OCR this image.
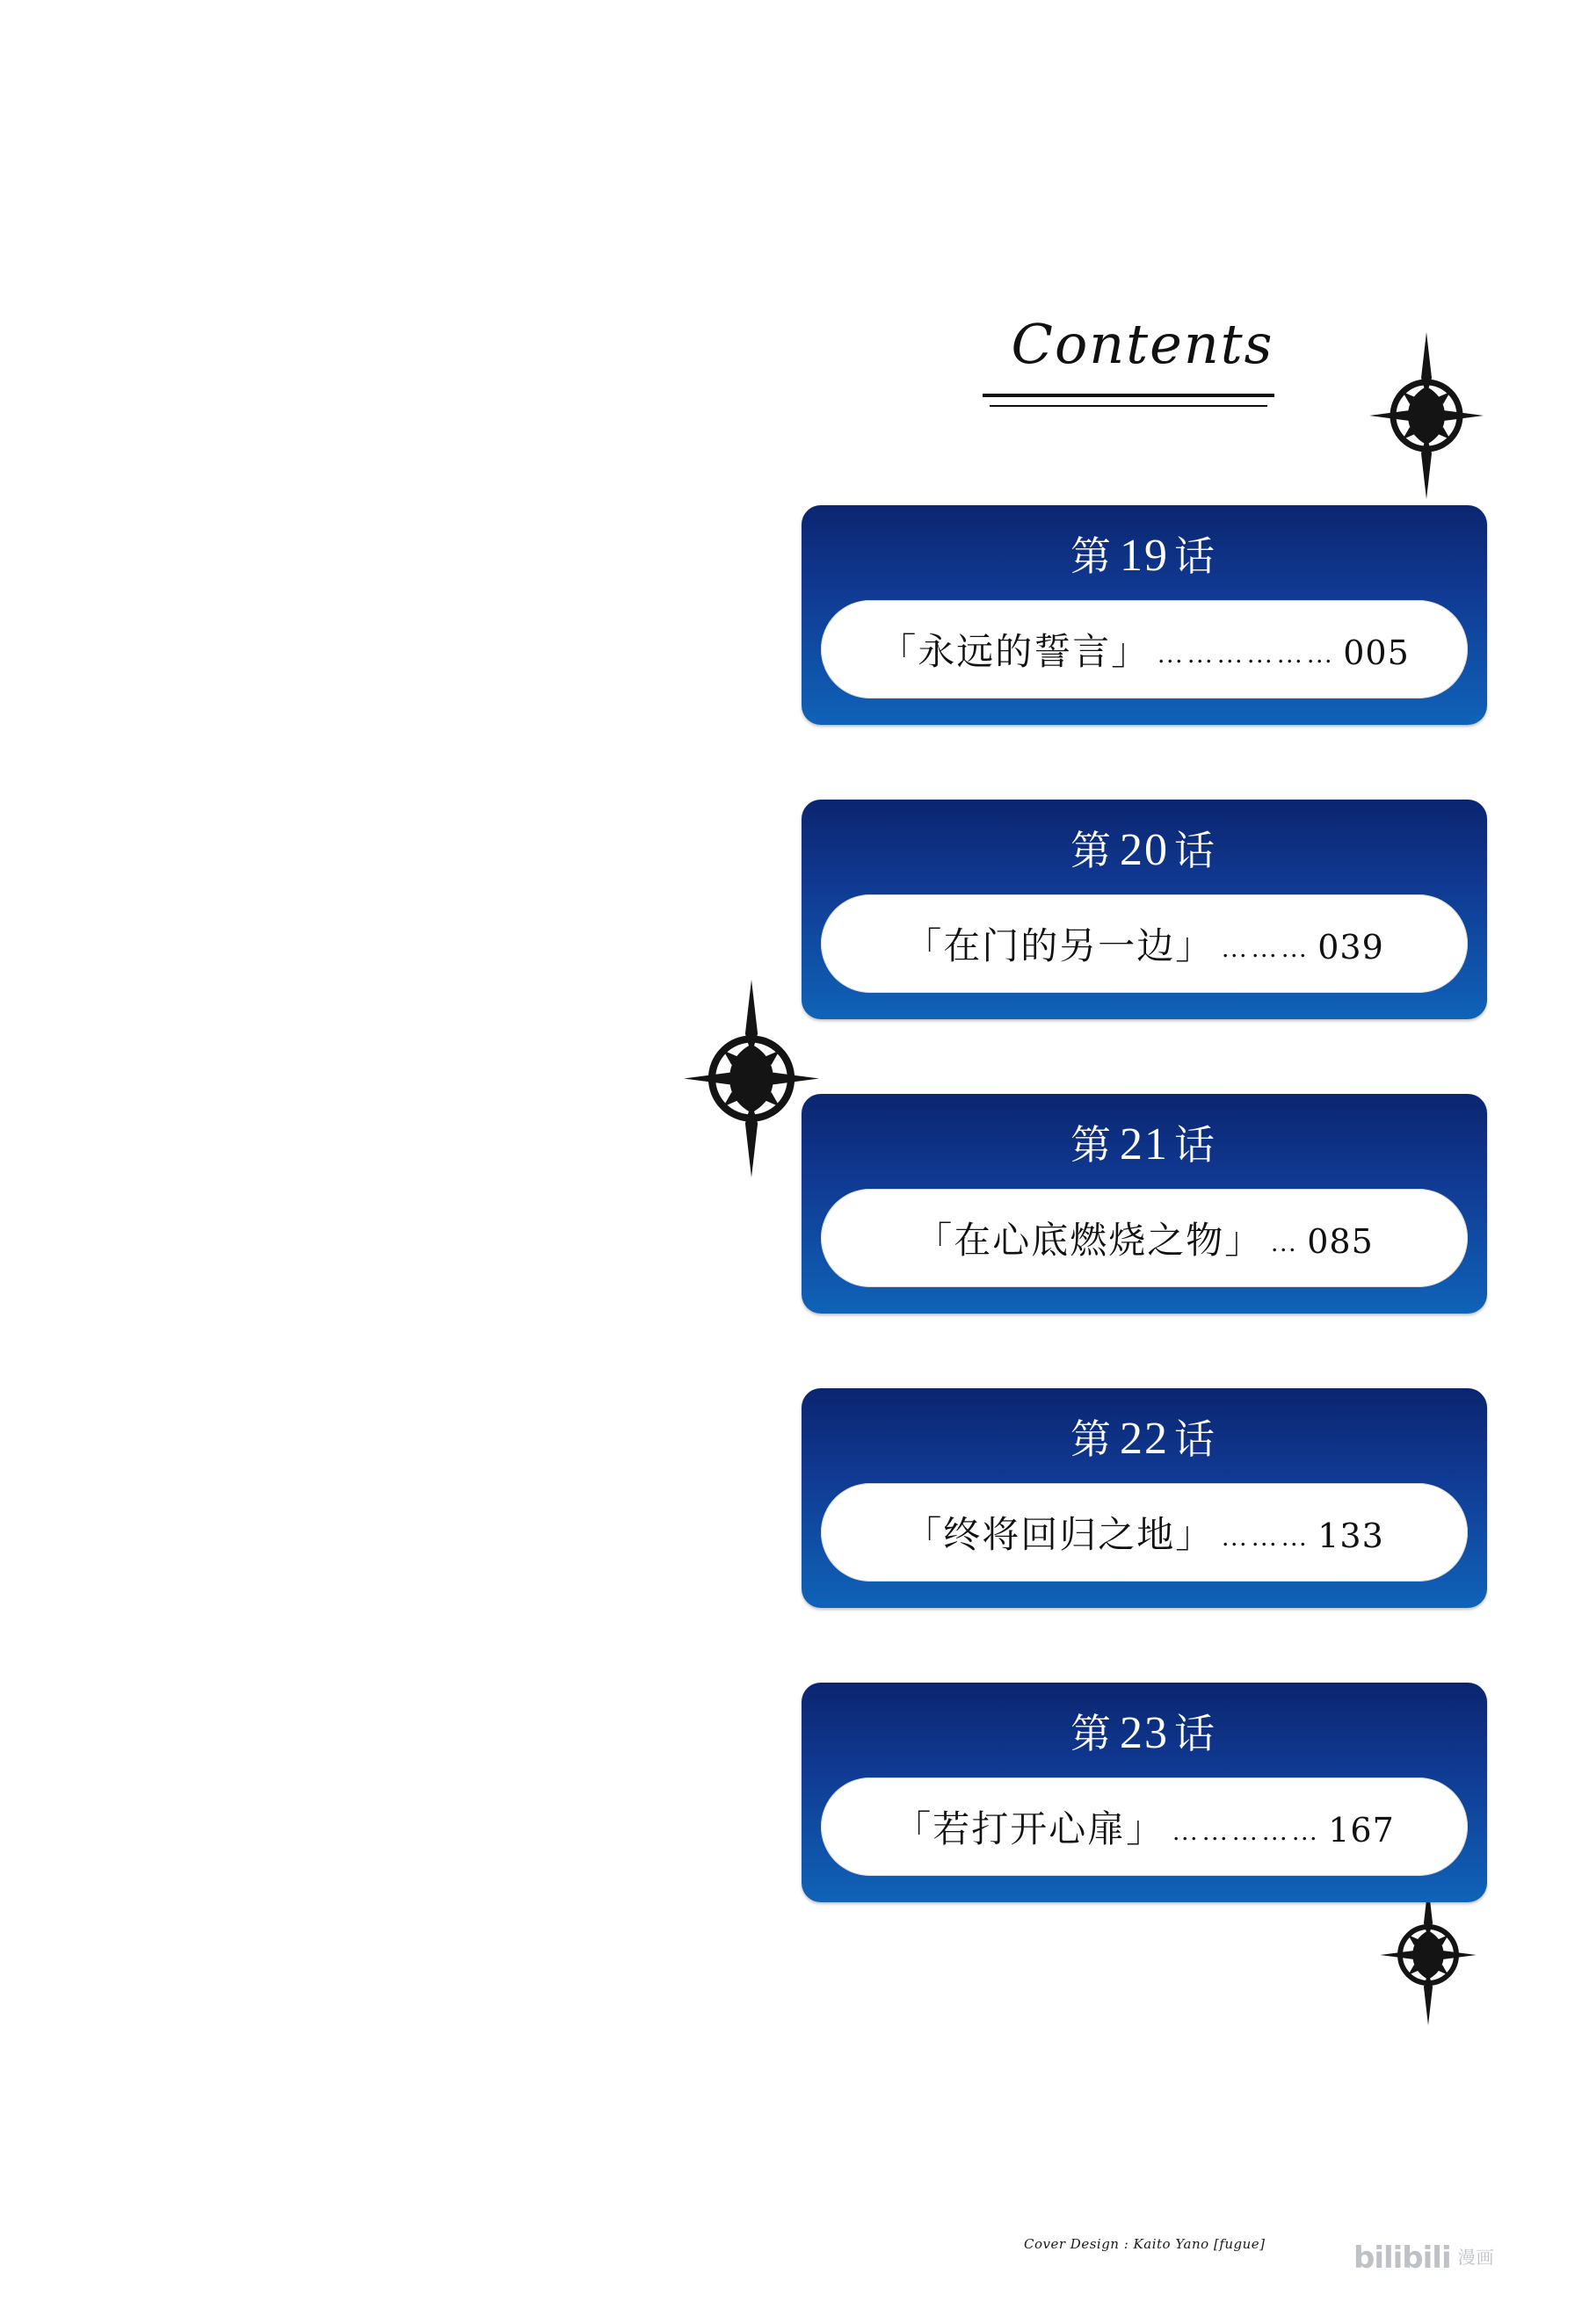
Contents
第 19 话
「永远的誓言」 ……………… 005
第 20 话
「在门的另一边」 ……… 039
第 21 话
「在心底燃烧之物」 … 085
第 22 话
「终将回归之地」 ……… 133
第 23 话
「若打开心扉」 …………… 167
Cover Design : Kaito Yano [fugue]	bilibili 漫画
